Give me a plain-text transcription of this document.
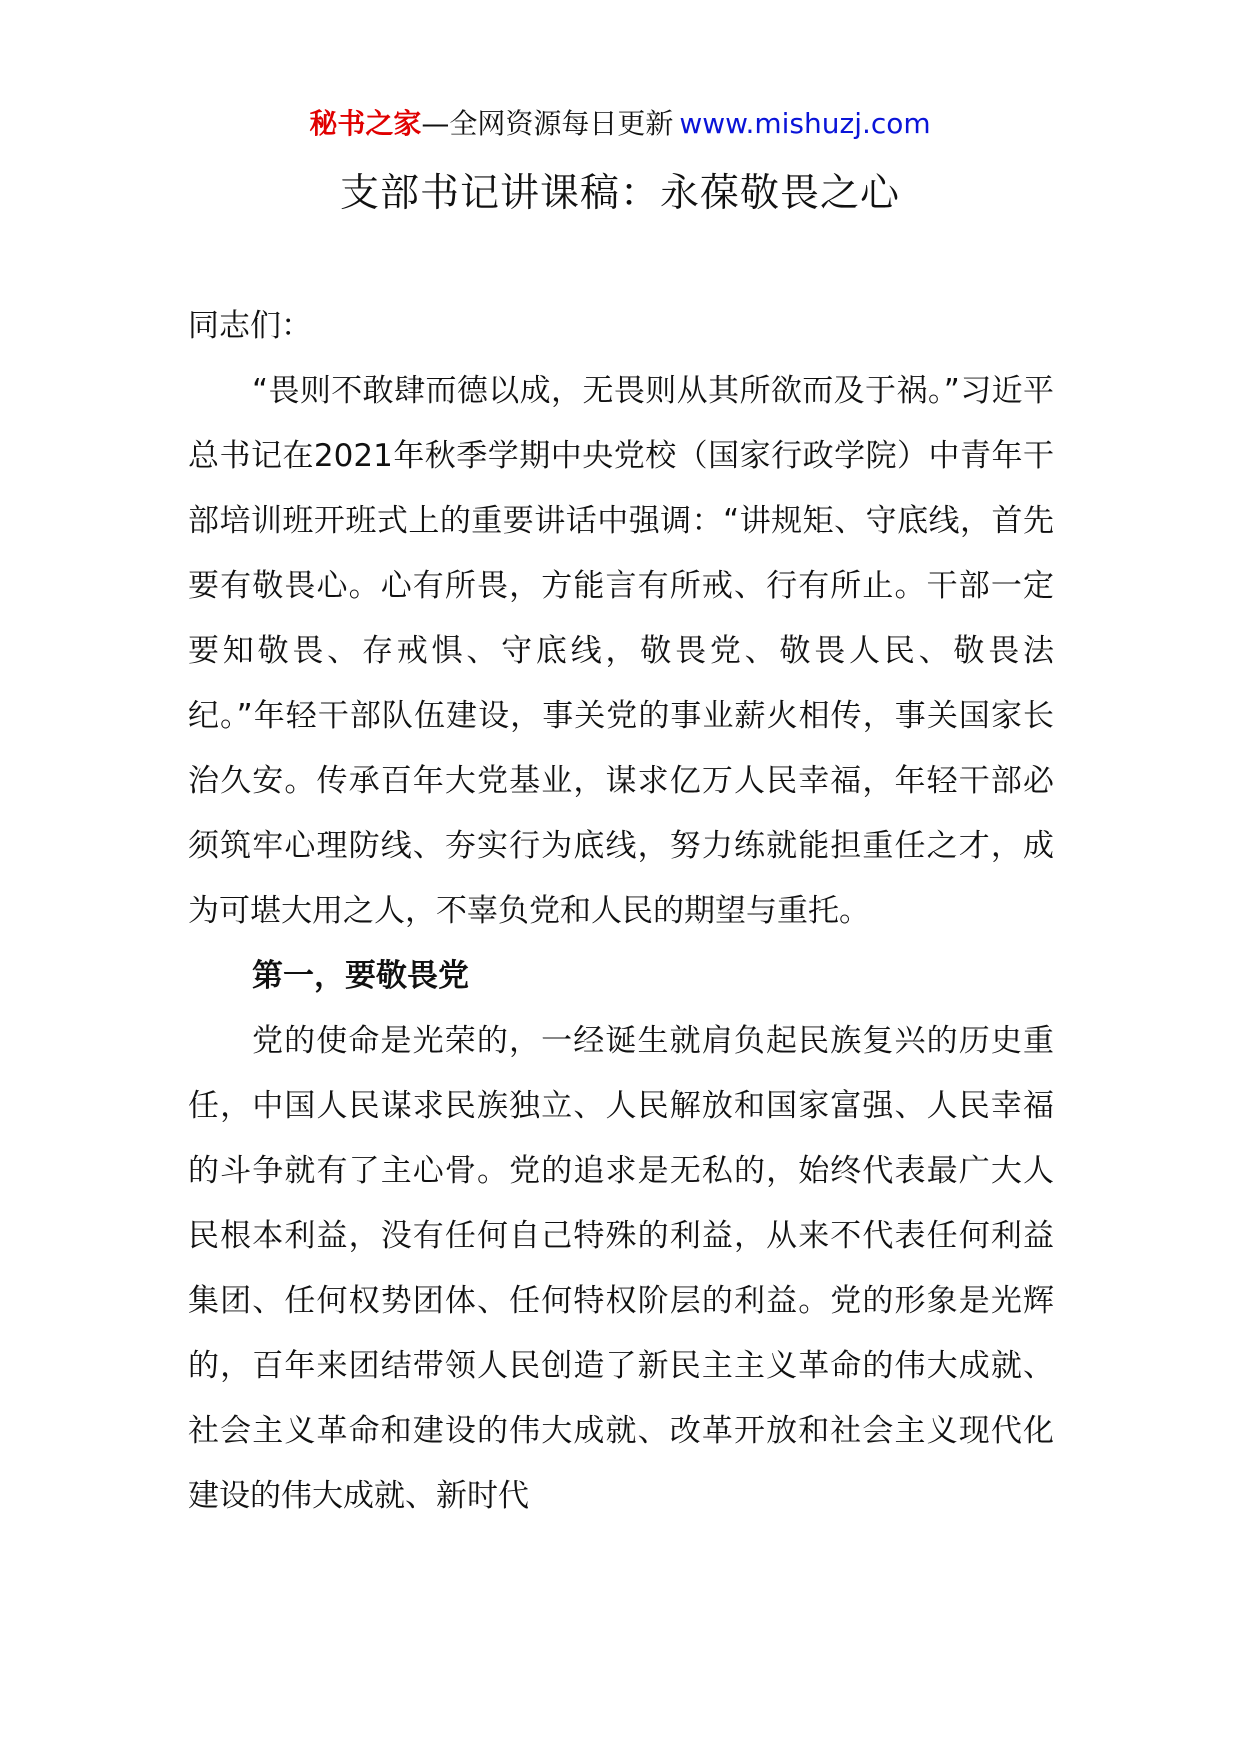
秘书之家—全网资源每日更新 www.mishuzj.com
支部书记讲课稿：永葆敬畏之心

同志们：

“畏则不敢肆而德以成，无畏则从其所欲而及于祸。”习近平总书记在2021年秋季学期中央党校（国家行政学院）中青年干部培训班开班式上的重要讲话中强调：“讲规矩、守底线，首先要有敬畏心。心有所畏，方能言有所戒、行有所止。干部一定要知敬畏、存戒惧、守底线，敬畏党、敬畏人民、敬畏法纪。”年轻干部队伍建设，事关党的事业薪火相传，事关国家长治久安。传承百年大党基业，谋求亿万人民幸福，年轻干部必须筑牢心理防线、夯实行为底线，努力练就能担重任之才，成为可堪大用之人，不辜负党和人民的期望与重托。

第一，要敬畏党

党的使命是光荣的，一经诞生就肩负起民族复兴的历史重任，中国人民谋求民族独立、人民解放和国家富强、人民幸福的斗争就有了主心骨。党的追求是无私的，始终代表最广大人民根本利益，没有任何自己特殊的利益，从来不代表任何利益集团、任何权势团体、任何特权阶层的利益。党的形象是光辉的，百年来团结带领人民创造了新民主主义革命的伟大成就、社会主义革命和建设的伟大成就、改革开放和社会主义现代化建设的伟大成就、新时代
